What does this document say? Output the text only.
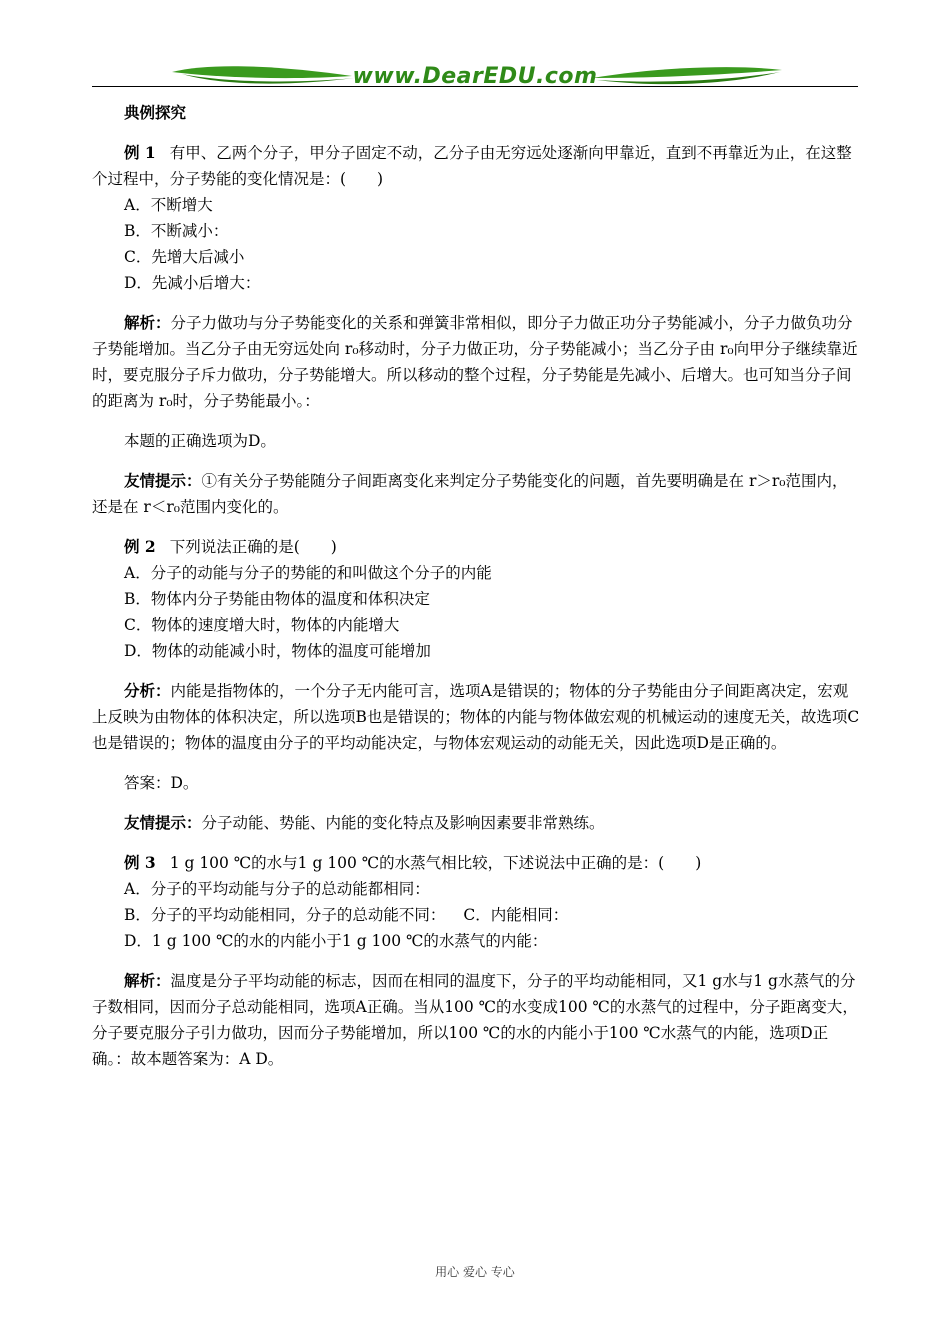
www.DearEDU.com

典例探究

例 1 有甲、乙两个分子，甲分子固定不动，乙分子由无穷远处逐渐向甲靠近，直到不再靠近为止，在这整个过程中，分子势能的变化情况是：(　　)

A．不断增大

B．不断减小：

C．先增大后减小

D．先减小后增大：

解析：分子力做功与分子势能变化的关系和弹簧非常相似，即分子力做正功分子势能减小，分子力做负功分子势能增加。当乙分子由无穷远处向 r₀移动时，分子力做正功，分子势能减小；当乙分子由 r₀向甲分子继续靠近时，要克服分子斥力做功，分子势能增大。所以移动的整个过程，分子势能是先减小、后增大。也可知当分子间的距离为 r₀时，分子势能最小。：

本题的正确选项为D。

友情提示：①有关分子势能随分子间距离变化来判定分子势能变化的问题，首先要明确是在 r＞r₀范围内，还是在 r＜r₀范围内变化的。

例 2 下列说法正确的是(　　)

A．分子的动能与分子的势能的和叫做这个分子的内能

B．物体内分子势能由物体的温度和体积决定

C．物体的速度增大时，物体的内能增大

D．物体的动能减小时，物体的温度可能增加

分析：内能是指物体的，一个分子无内能可言，选项A是错误的；物体的分子势能由分子间距离决定，宏观上反映为由物体的体积决定，所以选项B也是错误的；物体的内能与物体做宏观的机械运动的速度无关，故选项C也是错误的；物体的温度由分子的平均动能决定，与物体宏观运动的动能无关，因此选项D是正确的。

答案：D。

友情提示：分子动能、势能、内能的变化特点及影响因素要非常熟练。

例 3 1 g 100 ℃的水与1 g 100 ℃的水蒸气相比较，下述说法中正确的是：(　　)

A．分子的平均动能与分子的总动能都相同：

B．分子的平均动能相同，分子的总动能不同： C．内能相同：

D．1 g 100 ℃的水的内能小于1 g 100 ℃的水蒸气的内能：

解析：温度是分子平均动能的标志，因而在相同的温度下，分子的平均动能相同，又1 g水与1 g水蒸气的分子数相同，因而分子总动能相同，选项A正确。当从100 ℃的水变成100 ℃的水蒸气的过程中，分子距离变大，分子要克服分子引力做功，因而分子势能增加，所以100 ℃的水的内能小于100 ℃水蒸气的内能，选项D正确。：故本题答案为：A D。

用心 爱心 专心
